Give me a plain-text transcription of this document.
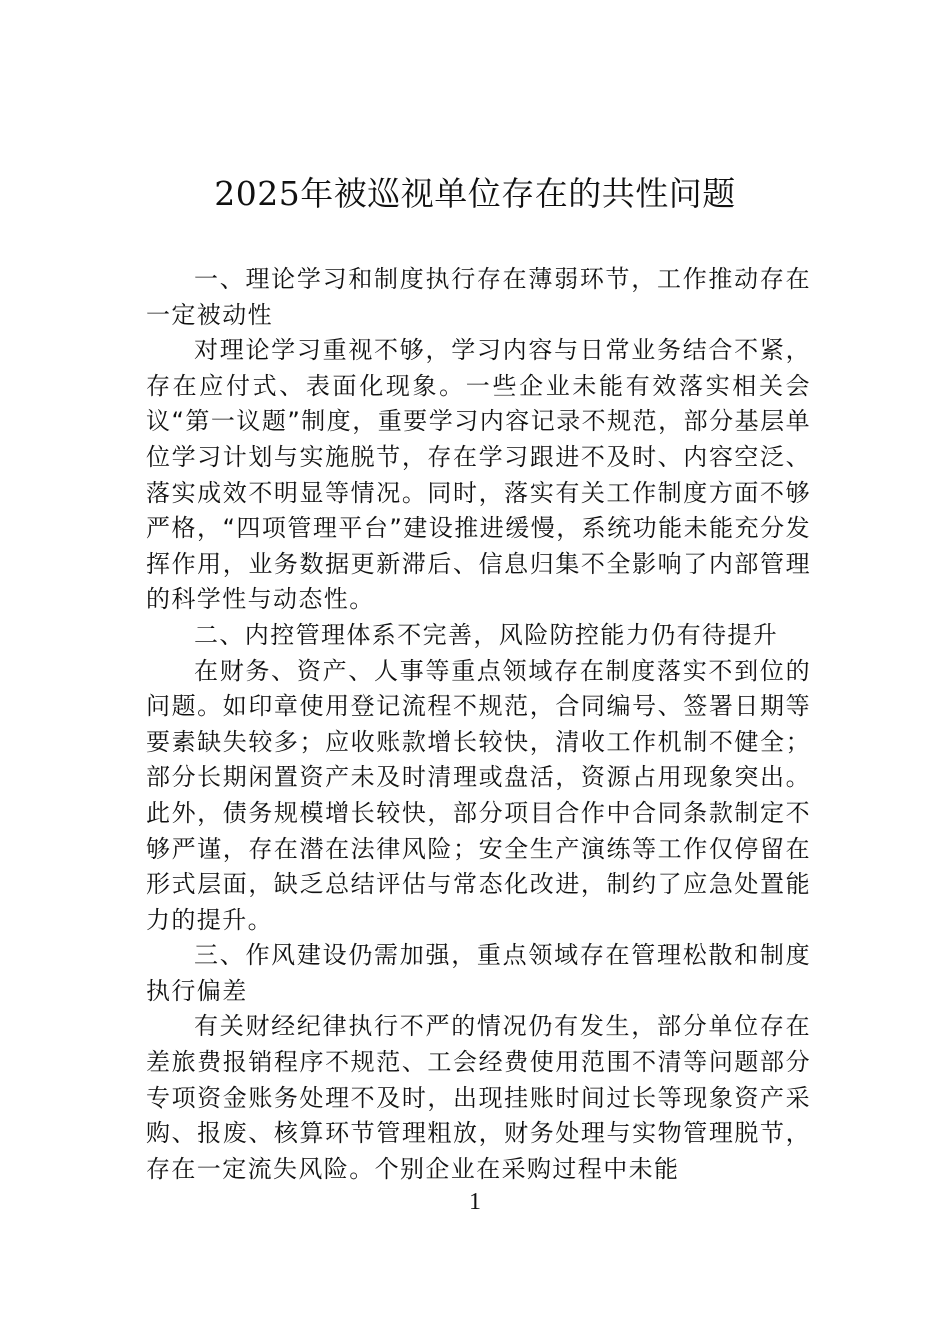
2025年被巡视单位存在的共性问题

一、理论学习和制度执行存在薄弱环节，工作推动存在一定被动性

对理论学习重视不够，学习内容与日常业务结合不紧，存在应付式、表面化现象。一些企业未能有效落实相关会议“第一议题”制度，重要学习内容记录不规范，部分基层单位学习计划与实施脱节，存在学习跟进不及时、内容空泛、落实成效不明显等情况。同时，落实有关工作制度方面不够严格，“四项管理平台”建设推进缓慢，系统功能未能充分发挥作用，业务数据更新滞后、信息归集不全影响了内部管理的科学性与动态性。

二、内控管理体系不完善，风险防控能力仍有待提升

在财务、资产、人事等重点领域存在制度落实不到位的问题。如印章使用登记流程不规范，合同编号、签署日期等要素缺失较多；应收账款增长较快，清收工作机制不健全；部分长期闲置资产未及时清理或盘活，资源占用现象突出。此外，债务规模增长较快，部分项目合作中合同条款制定不够严谨，存在潜在法律风险；安全生产演练等工作仅停留在形式层面，缺乏总结评估与常态化改进，制约了应急处置能力的提升。

三、作风建设仍需加强，重点领域存在管理松散和制度执行偏差

有关财经纪律执行不严的情况仍有发生，部分单位存在差旅费报销程序不规范、工会经费使用范围不清等问题部分专项资金账务处理不及时，出现挂账时间过长等现象资产采购、报废、核算环节管理粗放，财务处理与实物管理脱节，存在一定流失风险。个别企业在采购过程中未能

1
